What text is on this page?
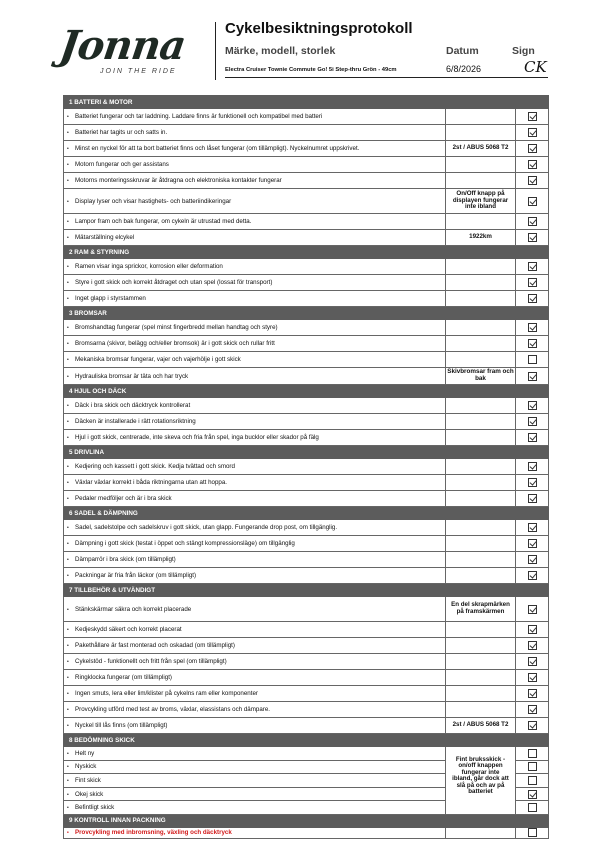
Jonna
JOIN THE RIDE
Cykelbesiktningsprotokoll
Märke, modell, storlek	Datum	Sign
Electra Cruiser Townie Commute Go! 5i Step-thru Grön - 49cm	6/8/2026	CK
1 BATTERI & MOTOR		
• Batteriet fungerar och tar laddning. Laddare finns är funktionell och kompatibel med batteri		
• Batteriet har tagits ur och satts in.		
• Minst en nyckel för att ta bort batteriet finns och låset fungerar (om tillämpligt). Nyckelnumret uppskrivet.	2st / ABUS 5068 T2	
• Motorn fungerar och ger assistans		
• Motorns monteringsskruvar är åtdragna och elektroniska kontakter fungerar		
• Display lyser och visar hastighets- och batteriindikeringar	On/Off knapp på displayen fungerar inte ibland	
• Lampor fram och bak fungerar, om cykeln är utrustad med detta.		
• Mätarställning elcykel	1922km	
2 RAM & STYRNING		
• Ramen visar inga sprickor, korrosion eller deformation		
• Styre i gott skick och korrekt åtdraget och utan spel (lossat för transport)		
• Inget glapp i styrstammen		
3 BROMSAR		
• Bromshandtag fungerar (spel minst fingerbredd mellan handtag och styre)		
• Bromsarna (skivor, belägg och/eller bromsok) är i gott skick och rullar fritt		
• Mekaniska bromsar fungerar, vajer och vajerhölje i gott skick		
• Hydrauliska bromsar är täta och har tryck	Skivbromsar fram och bak	
4 HJUL OCH DÄCK		
• Däck i bra skick och däcktryck kontrollerat		
• Däcken är installerade i rätt rotationsriktning		
• Hjul i gott skick, centrerade, inte skeva och fria från spel, inga bucklor eller skador på fälg		
5 DRIVLINA		
• Kedjering och kassett i gott skick. Kedja tvättad och smord		
• Växlar växlar korrekt i båda riktningarna utan att hoppa.		
• Pedaler medföljer och är i bra skick		
6 SADEL & DÄMPNING		
• Sadel, sadelstolpe och sadelskruv i gott skick, utan glapp. Fungerande drop post, om tillgänglig.		
• Dämpning i gott skick (testat i öppet och stängt kompressionsläge) om tillgänglig		
• Dämparrör i bra skick (om tillämpligt)		
• Packningar är fria från läckor (om tillämpligt)		
7 TILLBEHÖR & UTVÄNDIGT		
• Stänkskärmar säkra och korrekt placerade	En del skrapmärken på framskärmen	
• Kedjeskydd säkert och korrekt placerat		
• Pakethållare är fast monterad och oskadad (om tillämpligt)		
• Cykelstöd - funktionellt och fritt från spel (om tillämpligt)		
• Ringklocka fungerar (om tillämpligt)		
• Ingen smuts, lera eller lim/klister på cykelns ram eller komponenter		
• Provcykling utförd med test av broms, växlar, elassistans och dämpare.		
• Nyckel till lås finns (om tillämpligt)	2st / ABUS 5068 T2	
8 BEDÖMNING SKICK		
• Helt ny	Fint bruksskick - on/off knappen fungerar inte ibland, går dock att slå på och av på batteriet	
• Nyskick		
• Fint skick		
• Okej skick		
• Befintligt skick		
9 KONTROLL INNAN PACKNING		
• Provcykling med inbromsning, växling och däcktryck		
